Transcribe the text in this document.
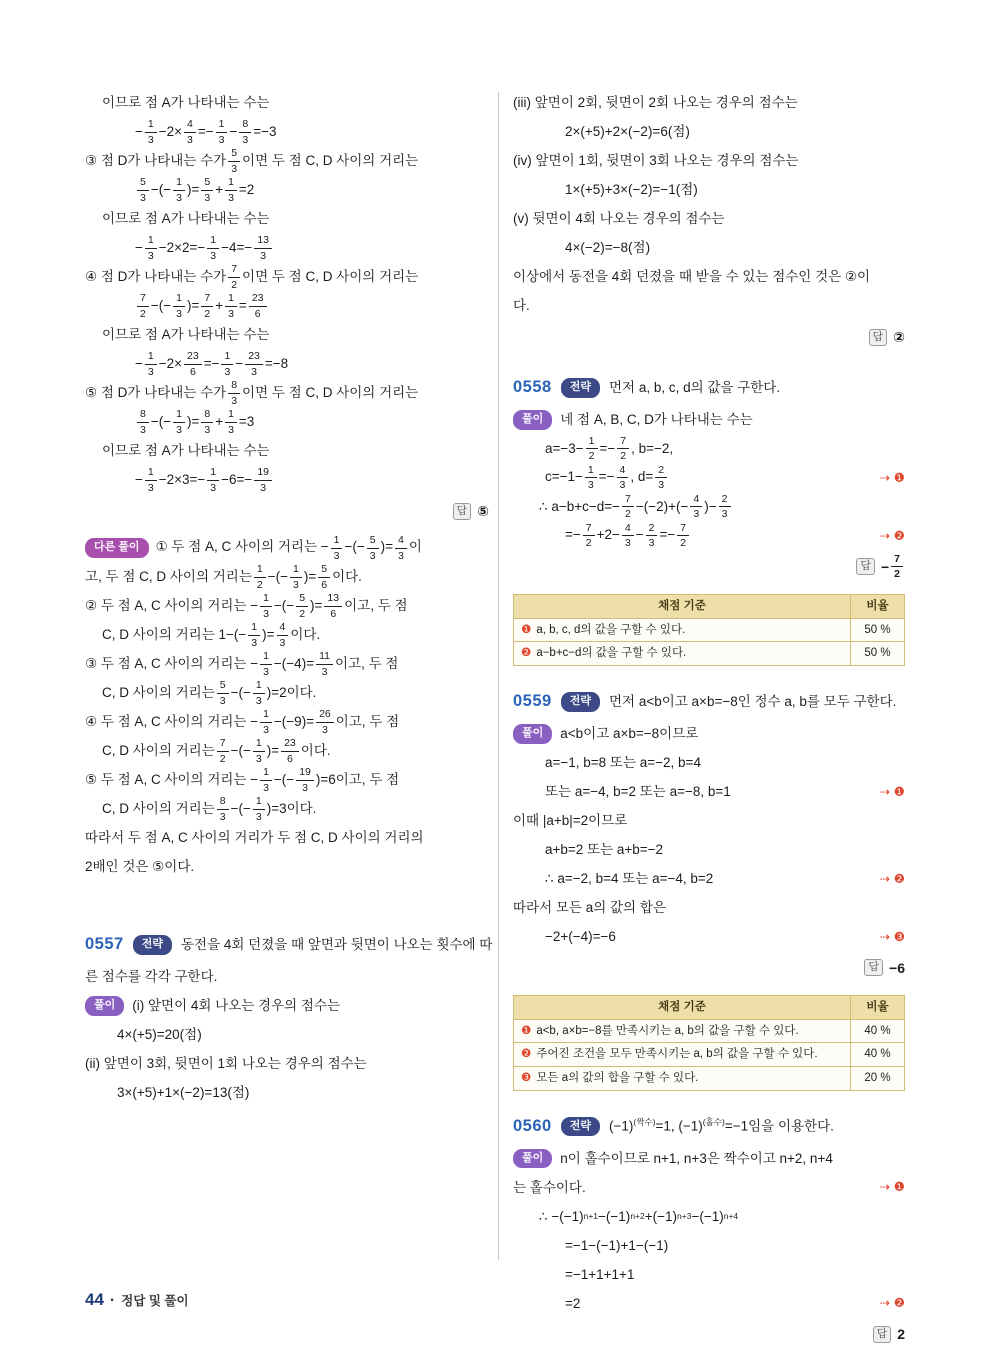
이므로 점 A가 나타내는 수는
− $\frac{1}{3} -2\times \frac{4}{3} =- \frac{1}{3} - \frac{8}{3} =-3$
③ 점 D가 나타내는 수가 $\frac{5}{3}$ 이면 두 점 C, D 사이의 거리는
$\frac{5}{3}$ −(− $\frac{1}{3}$ )= $\frac{5}{3} + \frac{1}{3} =2$
이므로 점 A가 나타내는 수는
− $\frac{1}{3} -2\times 2=- \frac{1}{3} -4=- \frac{13}{3}$
④ 점 D가 나타내는 수가 $\frac{7}{2}$ 이면 두 점 C, D 사이의 거리는
$\frac{7}{2}$ −(− $\frac{1}{3}$ )= $\frac{7}{2} + \frac{1}{3} = \frac{23}{6}$
이므로 점 A가 나타내는 수는
− $\frac{1}{3} -2\times \frac{23}{6} =- \frac{1}{3} - \frac{23}{3} =-8$
⑤ 점 D가 나타내는 수가 $\frac{8}{3}$ 이면 두 점 C, D 사이의 거리는
$\frac{8}{3}$ −(− $\frac{1}{3}$ )= $\frac{8}{3} + \frac{1}{3} =3$
이므로 점 A가 나타내는 수는
− $\frac{1}{3} -2\times 3=- \frac{1}{3} -6=- \frac{19}{3}$
답 ⑤
다른 풀이	① 두 점 A, C 사이의 거리는 − $\frac{1}{3}$ −(− $\frac{5}{3}$ )= $\frac{4}{3}$ 이
고, 두 점 C, D 사이의 거리는 $\frac{1}{2}$ −(− $\frac{1}{3}$ )= $\frac{5}{6}$ 이다.
② 두 점 A, C 사이의 거리는 − $\frac{1}{3}$ −(− $\frac{5}{2}$ )= $\frac{13}{6}$ 이고, 두 점
C, D 사이의 거리는 $1-(- \frac{1}{3}$ )= $\frac{4}{3}$ 이다.
③ 두 점 A, C 사이의 거리는 − $\frac{1}{3} -(-4)= \frac{11}{3}$ 이고, 두 점
C, D 사이의 거리는 $\frac{5}{3}$ −(− $\frac{1}{3} )=2$이다.
④ 두 점 A, C 사이의 거리는 − $\frac{1}{3} -(-9)= \frac{26}{3}$ 이고, 두 점
C, D 사이의 거리는 $\frac{7}{2}$ −(− $\frac{1}{3}$ )= $\frac{23}{6}$ 이다.
⑤ 두 점 A, C 사이의 거리는 − $\frac{1}{3}$ −(− $\frac{19}{3} )=6$이고, 두 점
C, D 사이의 거리는 $\frac{8}{3}$ −(− $\frac{1}{3} )=3$이다.
따라서 두 점 A, C 사이의 거리가 두 점 C, D 사이의 거리의
2배인 것은 ⑤이다.
0557	전략	동전을 4회 던졌을 때 앞면과 뒷면이 나오는 횟수에 따
른 점수를 각각 구한다.
풀이	(i) 앞면이 4회 나오는 경우의 점수는
4×(+5)=20(점)
(ii) 앞면이 3회, 뒷면이 1회 나오는 경우의 점수는
3×(+5)+1×(−2)=13(점)
(iii) 앞면이 2회, 뒷면이 2회 나오는 경우의 점수는
2×(+5)+2×(−2)=6(점)
(iv) 앞면이 1회, 뒷면이 3회 나오는 경우의 점수는
1×(+5)+3×(−2)=−1(점)
(v) 뒷면이 4회 나오는 경우의 점수는
4×(−2)=−8(점)
이상에서 동전을 4회 던졌을 때 받을 수 있는 점수인 것은 ②이
다.
답 ②
0558	전략	먼저 a, b, c, d의 값을 구한다.
풀이	네 점 A, B, C, D가 나타내는 수는
$a=-3- \frac{1}{2} =- \frac{7}{2}$ , b=−2,
$c=-1- \frac{1}{3} =- \frac{4}{3}$ , $d= \frac{2}{3}$	⇢ ❶
∴ $a-b+c-d=- \frac{7}{2} -(-2)+(- \frac{4}{3}$ )− $\frac{2}{3}$
=− $\frac{7}{2} +2- \frac{4}{3} - \frac{2}{3} =- \frac{7}{2}$	⇢ ❷
답 − $\frac{7}{2}$
채점 기준	비율
❶ a, b, c, d의 값을 구할 수 있다.	50 %
❷ a−b+c−d의 값을 구할 수 있다.	50 %
0559	전략	먼저 a<b이고 a×b=−8인 정수 a, b를 모두 구한다.
풀이	a<b이고 a×b=−8이므로
a=−1, b=8 또는 a=−2, b=4
또는 a=−4, b=2 또는 a=−8, b=1	⇢ ❶
이때 |a+b|=2이므로
a+b=2 또는 a+b=−2
∴ a=−2, b=4 또는 a=−4, b=2	⇢ ❷
따라서 모든 a의 값의 합은
−2+(−4)=−6	⇢ ❸
답 −6
채점 기준	비율
❶ a<b, a×b=−8를 만족시키는 a, b의 값을 구할 수 있다.	40 %
❷ 주어진 조건을 모두 만족시키는 a, b의 값을 구할 수 있다.	40 %
❸ 모든 a의 값의 합을 구할 수 있다.	20 %
0560	전략	$(-1)^{(짝수)}=1$, $(-1)^{(홀수)}=-1$임을 이용한다.
풀이	n이 홀수이므로 n+1, n+3은 짝수이고 n+2, n+4
는 홀수이다.	⇢ ❶
∴ −(−1) n+1 −(−1) n+2 +(−1) n+3 −(−1) n+4
=−1−(−1)+1−(−1)
=−1+1+1+1
=2	⇢ ❷
답 2
44 · 정답 및 풀이
